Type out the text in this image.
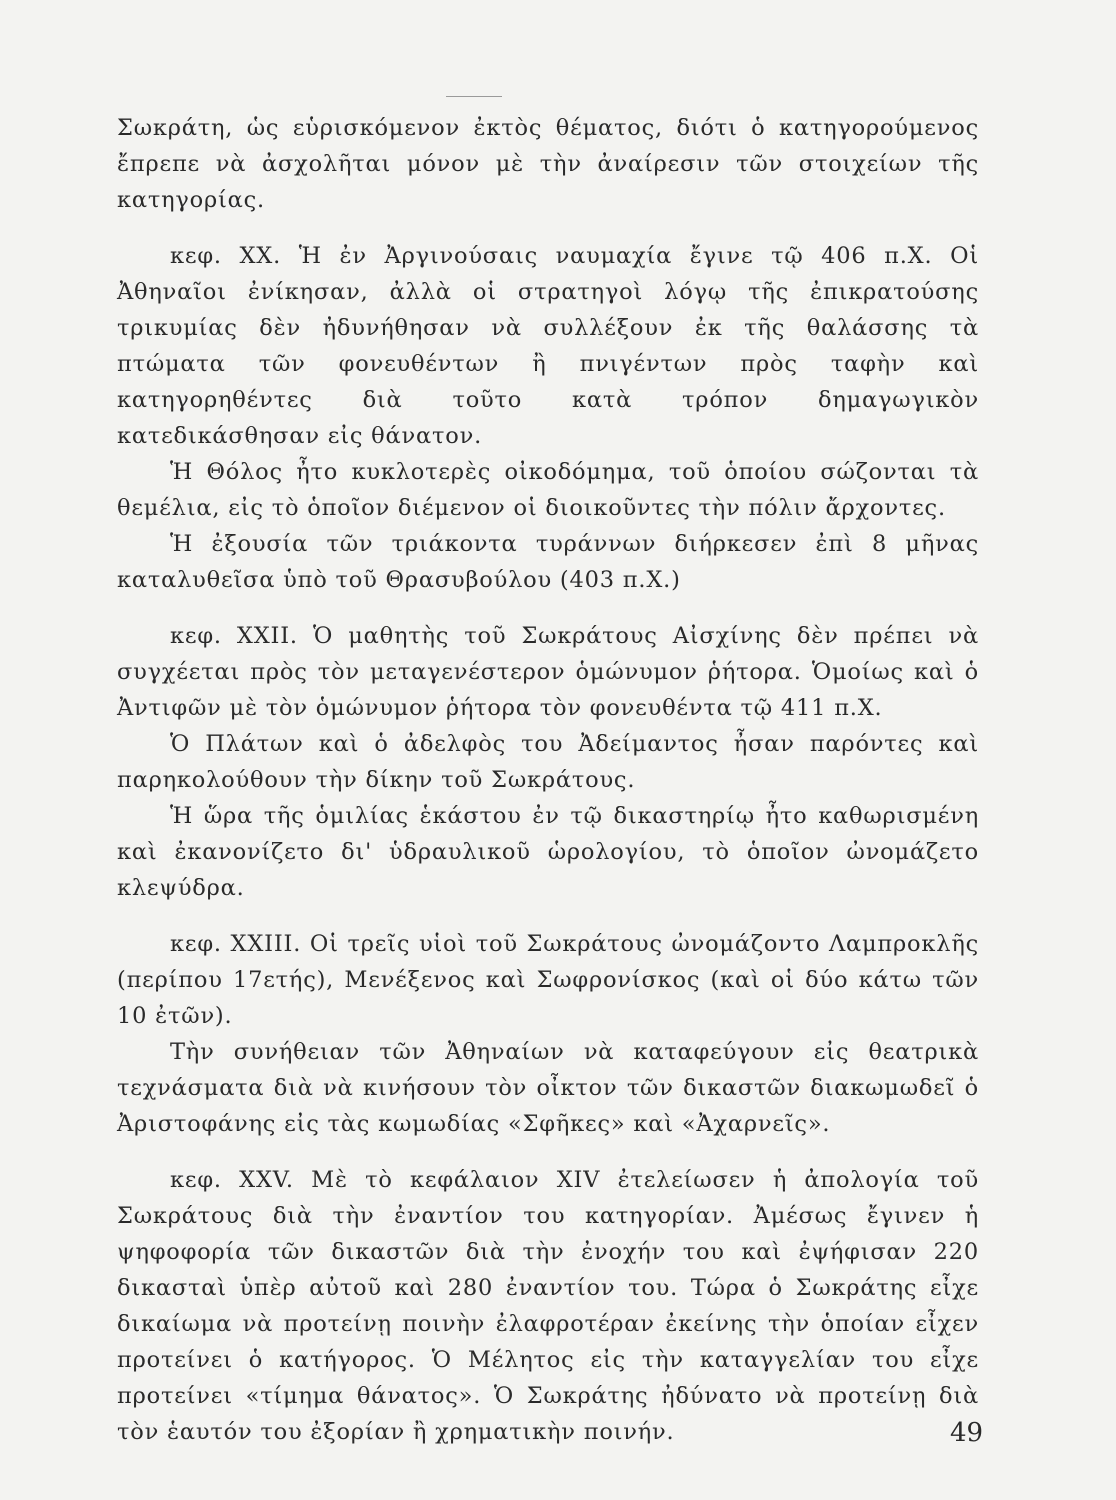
Σωκράτη, ὡς εὑρισκόμενον ἐκτὸς θέματος, διότι ὁ κατηγορούμενος ἔπρεπε νὰ ἀσχολῆται μόνον μὲ τὴν ἀναίρεσιν τῶν στοιχείων τῆς κατηγορίας.

κεφ. ΧΧ. Ἡ ἐν Ἀργινούσαις ναυμαχία ἔγινε τῷ 406 π.Χ. Οἱ Ἀθηναῖοι ἐνίκησαν, ἀλλὰ οἱ στρατηγοὶ λόγῳ τῆς ἐπικρατούσης τρικυμίας δὲν ἠδυνήθησαν νὰ συλλέξουν ἐκ τῆς θαλάσσης τὰ πτώματα τῶν φονευθέντων ἢ πνιγέντων πρὸς ταφὴν καὶ κατηγορηθέντες διὰ τοῦτο κατὰ τρόπον δημαγωγικὸν κατεδικάσθησαν εἰς θάνατον.

Ἡ Θόλος ἦτο κυκλοτερὲς οἰκοδόμημα, τοῦ ὁποίου σώζονται τὰ θεμέλια, εἰς τὸ ὁποῖον διέμενον οἱ διοικοῦντες τὴν πόλιν ἄρχοντες.

Ἡ ἐξουσία τῶν τριάκοντα τυράννων διήρκεσεν ἐπὶ 8 μῆνας καταλυθεῖσα ὑπὸ τοῦ Θρασυβούλου (403 π.Χ.)

κεφ. ΧΧΙΙ. Ὁ μαθητὴς τοῦ Σωκράτους Αἰσχίνης δὲν πρέπει νὰ συγχέεται πρὸς τὸν μεταγενέστερον ὁμώνυμον ῥήτορα. Ὁμοίως καὶ ὁ Ἀντιφῶν μὲ τὸν ὁμώνυμον ῥήτορα τὸν φονευθέντα τῷ 411 π.Χ.

Ὁ Πλάτων καὶ ὁ ἀδελφὸς του Ἀδείμαντος ἦσαν παρόντες καὶ παρηκολούθουν τὴν δίκην τοῦ Σωκράτους.

Ἡ ὥρα τῆς ὁμιλίας ἑκάστου ἐν τῷ δικαστηρίῳ ἦτο καθωρισμένη καὶ ἐκανονίζετο δι' ὑδραυλικοῦ ὡρολογίου, τὸ ὁποῖον ὠνομάζετο κλεψύδρα.

κεφ. ΧΧΙΙΙ. Οἱ τρεῖς υἱοὶ τοῦ Σωκράτους ὠνομάζοντο Λαμπροκλῆς (περίπου 17ετής), Μενέξενος καὶ Σωφρονίσκος (καὶ οἱ δύο κάτω τῶν 10 ἐτῶν).

Τὴν συνήθειαν τῶν Ἀθηναίων νὰ καταφεύγουν εἰς θεατρικὰ τεχνάσματα διὰ νὰ κινήσουν τὸν οἶκτον τῶν δικαστῶν διακωμωδεῖ ὁ Ἀριστοφάνης εἰς τὰς κωμωδίας «Σφῆκες» καὶ «Ἀχαρνεῖς».

κεφ. ΧΧV. Μὲ τὸ κεφάλαιον ΧΙV ἐτελείωσεν ἡ ἀπολογία τοῦ Σωκράτους διὰ τὴν ἐναντίον του κατηγορίαν. Ἀμέσως ἔγινεν ἡ ψηφοφορία τῶν δικαστῶν διὰ τὴν ἐνοχήν του καὶ ἐψήφισαν 220 δικασταὶ ὑπὲρ αὐτοῦ καὶ 280 ἐναντίον του. Τώρα ὁ Σωκράτης εἶχε δικαίωμα νὰ προτείνῃ ποινὴν ἐλαφροτέραν ἐκείνης τὴν ὁποίαν εἶχεν προτείνει ὁ κατήγορος. Ὁ Μέλητος εἰς τὴν καταγγελίαν του εἶχε προτείνει «τίμημα θάνατος». Ὁ Σωκράτης ἠδύνατο νὰ προτείνῃ διὰ τὸν ἑαυτόν του ἐξορίαν ἢ χρηματικὴν ποινήν.	49
